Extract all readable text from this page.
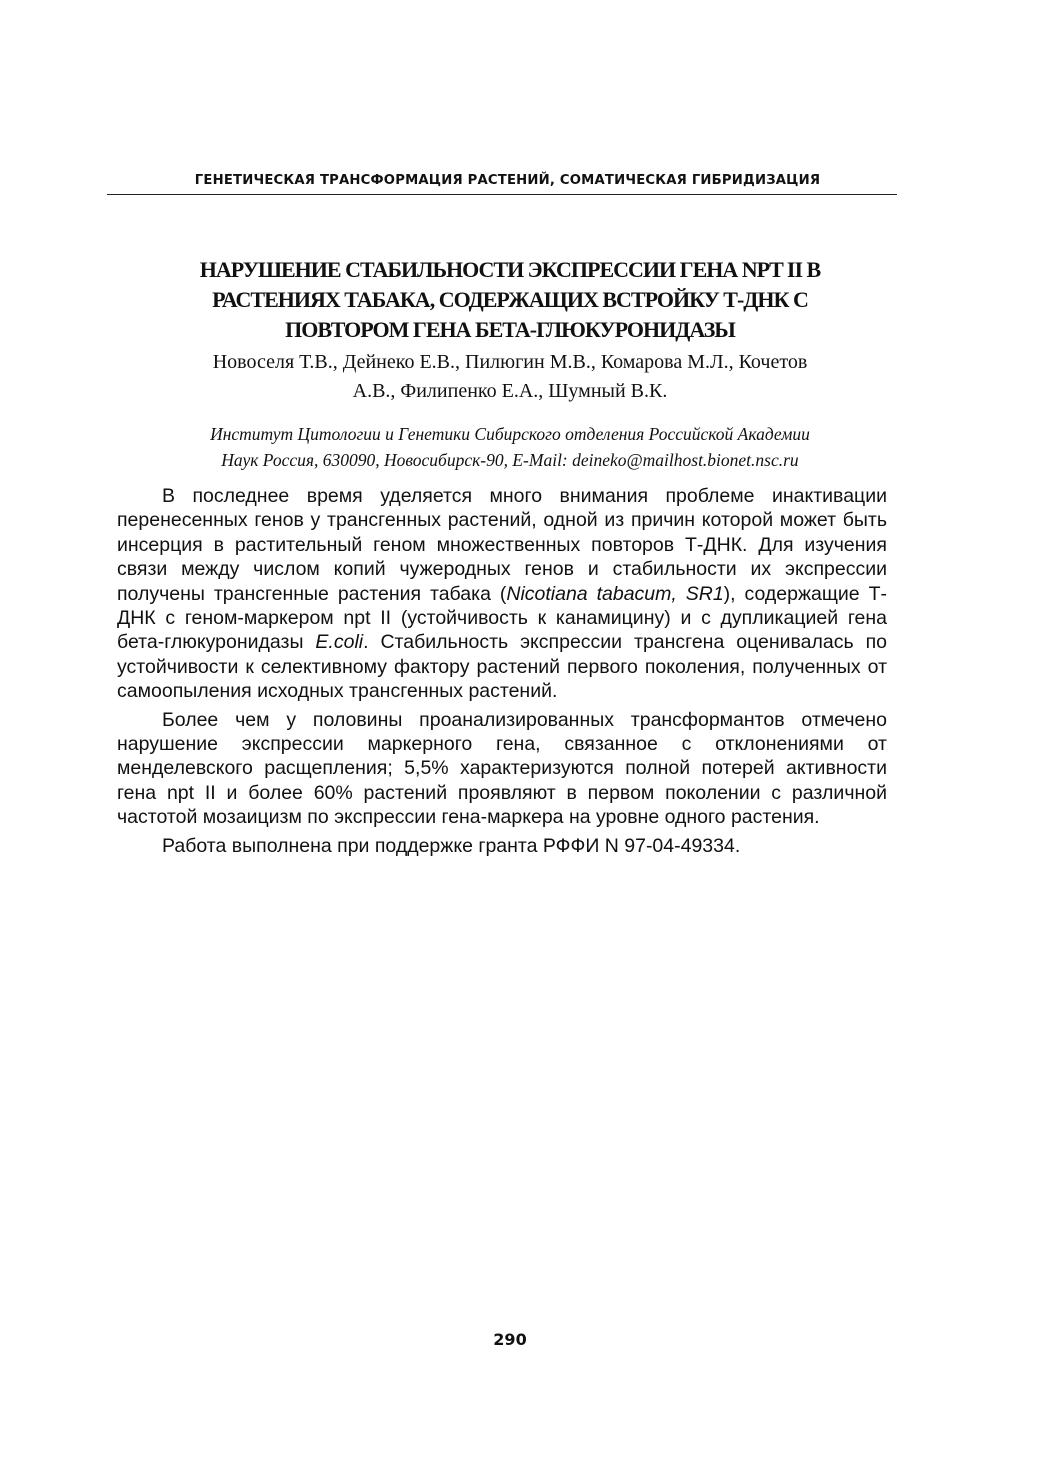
ГЕНЕТИЧЕСКАЯ ТРАНСФОРМАЦИЯ РАСТЕНИЙ, СОМАТИЧЕСКАЯ ГИБРИДИЗАЦИЯ
НАРУШЕНИЕ СТАБИЛЬНОСТИ ЭКСПРЕССИИ ГЕНА NPT II В
РАСТЕНИЯХ ТАБАКА, СОДЕРЖАЩИХ ВСТРОЙКУ Т-ДНК С
ПОВТОРОМ ГЕНА БЕТА-ГЛЮКУРОНИДАЗЫ
Новоселя Т.В., Дейнеко Е.В., Пилюгин М.В., Комарова М.Л., Кочетов
А.В., Филипенко Е.А., Шумный В.К.
Институт Цитологии и Генетики Сибирского отделения Российской Академии
Наук Россия, 630090, Новосибирск-90, E-Mail: deineko@mailhost.bionet.nsc.ru

В последнее время уделяется много внимания проблеме инактивации перенесенных генов у трансгенных растений, одной из причин которой может быть инсерция в растительный геном множественных повторов Т-ДНК. Для изучения связи между числом копий чужеродных генов и стабильности их экспрессии получены трансгенные растения табака (Nicotiana tabacum, SR1), содержащие Т-ДНК с геном-маркером npt II (устойчивость к канамицину) и с дупликацией гена бета-глюкуронидазы E.coli. Стабильность экспрессии трансгена оценивалась по устойчивости к селективному фактору растений первого поколения, полученных от самоопыления исходных трансгенных растений.

Более чем у половины проанализированных трансформантов отмечено нарушение экспрессии маркерного гена, связанное с отклонениями от менделевского расщепления; 5,5% характеризуются полной потерей активности гена npt II и более 60% растений проявляют в первом поколении с различной частотой мозаицизм по экспрессии гена-маркера на уровне одного растения.

Работа выполнена при поддержке гранта РФФИ N 97-04-49334.

290
